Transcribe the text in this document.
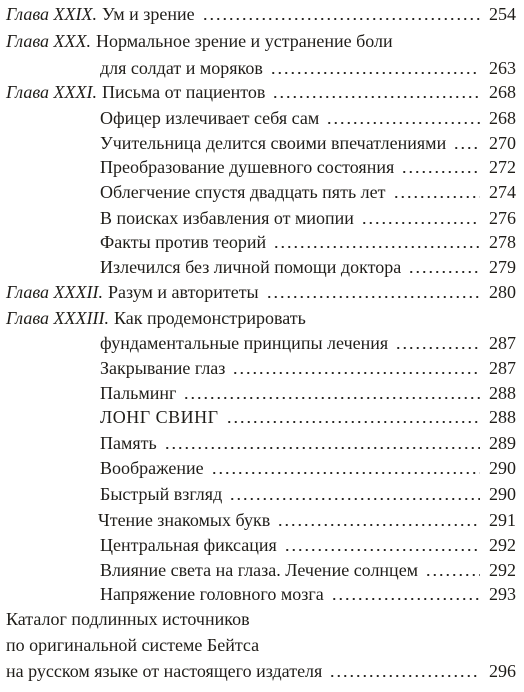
Глава XXIX. Ум и зрение	254
Глава XXX. Нормальное зрение и устранение боли
для солдат и моряков	263
Глава XXXI. Письма от пациентов	268
Офицер излечивает себя сам	268
Учительница делится своими впечатлениями 270
Преобразование душевного состояния	272
Облегчение спустя двадцать пять лет	274
В поисках избавления от миопии	276
Факты против теорий	278
Излечился без личной помощи доктора	279
Глава XXXII. Разум и авторитеты	280
Глава XXXIII. Как продемонстрировать
фундаментальные принципы лечения	287
Закрывание глаз	287
Пальминг	288
ЛОНГ СВИНГ	288
Память	289
Воображение	290
Быстрый взгляд	290
Чтение знакомых букв	291
Центральная фиксация	292
Влияние света на глаза. Лечение солнцем	292
Напряжение головного мозга	293
Каталог подлинных источников
по оригинальной системе Бейтса
на русском языке от настоящего издателя	296
